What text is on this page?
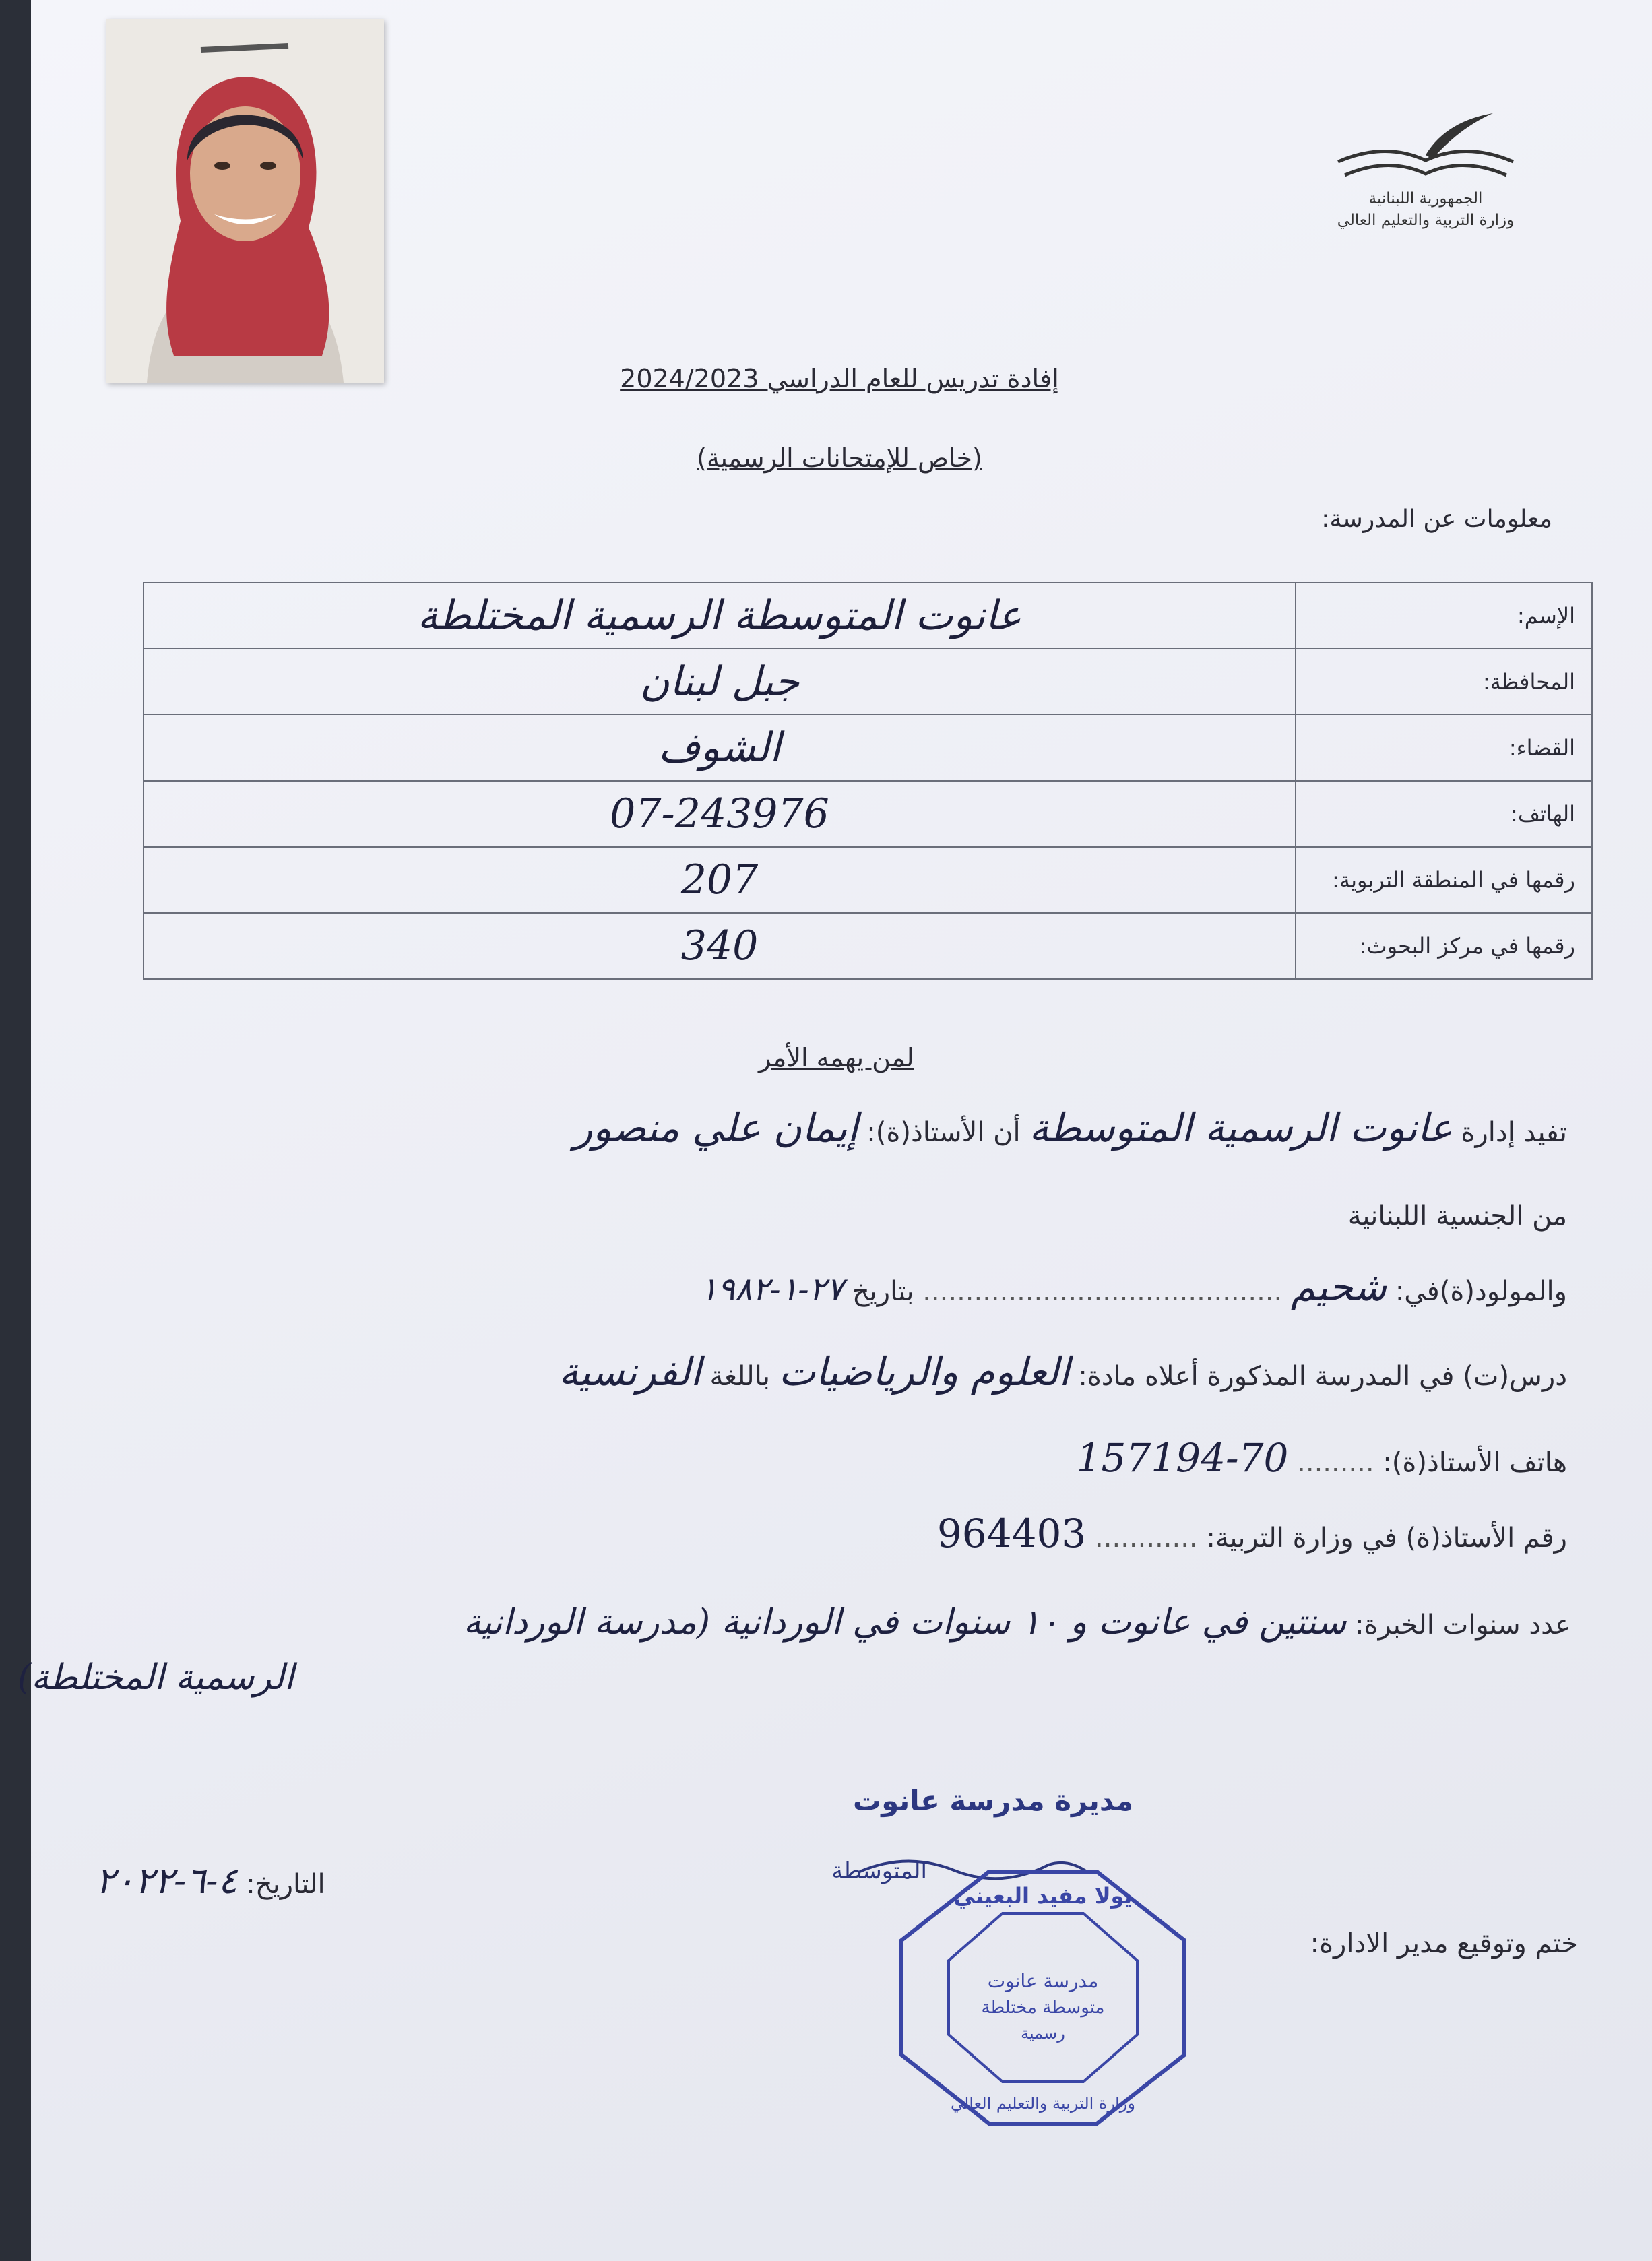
الجمهورية اللبنانية
وزارة التربية والتعليم العالي
إفادة تدريس للعام الدراسي 2024/2023
(خاص للإمتحانات الرسمية)
معلومات عن المدرسة:
الإسم:	عانوت المتوسطة الرسمية المختلطة
المحافظة:	جبل لبنان
القضاء:	الشوف
الهاتف:	07-243976
رقمها في المنطقة التربوية:	207
رقمها في مركز البحوث:	340
لمن يهمه الأمر
تفيد إدارة عانوت الرسمية المتوسطة أن الأستاذ(ة): إيمان علي منصور
من الجنسية اللبنانية
والمولود(ة)في: شحيم .......................................... بتاريخ ٢٧-١-١٩٨٢
درس(ت) في المدرسة المذكورة أعلاه مادة: العلوم والرياضيات باللغة الفرنسية
هاتف الأستاذ(ة): ......... 70-157194
رقم الأستاذ(ة) في وزارة التربية: ............ 964403
عدد سنوات الخبرة: سنتين في عانوت و ١٠ سنوات في الوردانية (مدرسة الوردانية
الرسمية المختلطة)
مديرة مدرسة عانوت
المتوسطة
يولا مفيد البعيني
مدرسة عانوت
متوسطة مختلطة
رسمية
وزارة التربية والتعليم العالي
ختم وتوقيع مدير الادارة:
التاريخ: ٤-٦-٢٠٢٢
